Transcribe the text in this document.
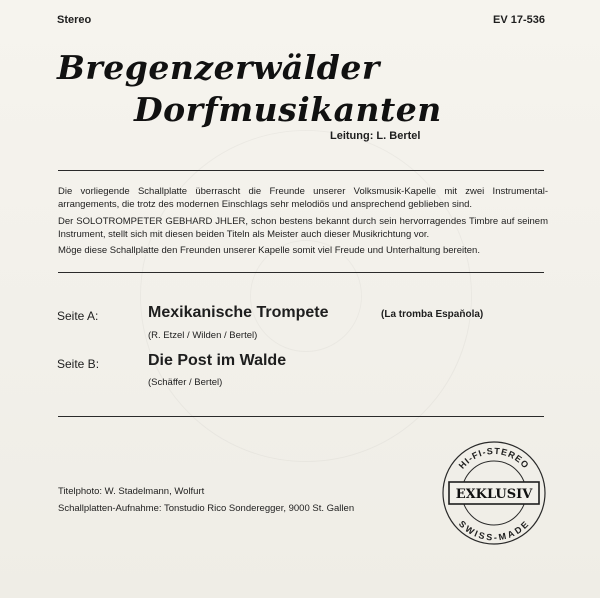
Stereo	EV 17-536
Bregenzerwälder
Dorfmusikanten
Leitung: L. Bertel
Die vorliegende Schallplatte überrascht die Freunde unserer Volksmusik-Kapelle mit zwei Instrumental-arrangements, die trotz des modernen Einschlags sehr melodiös und ansprechend geblieben sind.
Der SOLOTROMPETER GEBHARD JHLER, schon bestens bekannt durch sein hervorragendes Timbre auf seinem Instrument, stellt sich mit diesen beiden Titeln als Meister auch dieser Musikrichtung vor.
Möge diese Schallplatte den Freunden unserer Kapelle somit viel Freude und Unterhaltung bereiten.
Seite A:	Mexikanische Trompete	(La tromba Espaňola)
(R. Etzel / Wilden / Bertel)
Seite B:	Die Post im Walde
(Schäffer / Bertel)
Titelphoto: W. Stadelmann, Wolfurt
Schallplatten-Aufnahme: Tonstudio Rico Sonderegger, 9000 St. Gallen
HI-FI-STEREO
SWISS-MADE
EXKLUSIV
